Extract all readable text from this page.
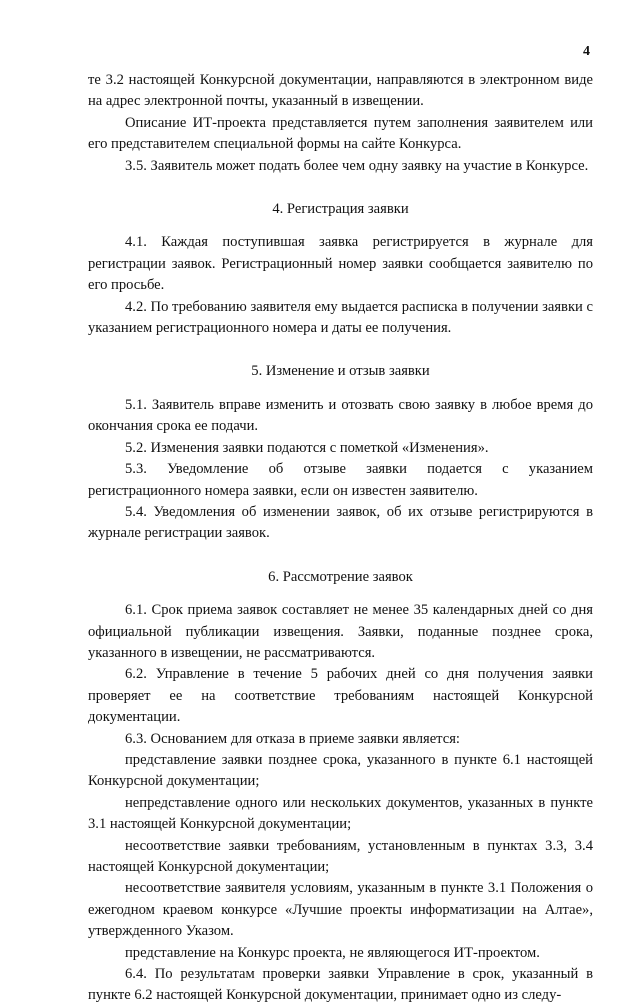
4

те 3.2 настоящей Конкурсной документации, направляются в электронном виде на адрес электронной почты, указанный в извещении.

Описание ИТ-проекта представляется путем заполнения заявителем или его представителем специальной формы на сайте Конкурса.

3.5. Заявитель может подать более чем одну заявку на участие в Конкурсе.

4. Регистрация заявки

4.1. Каждая поступившая заявка регистрируется в журнале для регистрации заявок. Регистрационный номер заявки сообщается заявителю по его просьбе.

4.2. По требованию заявителя ему выдается расписка в получении заявки с указанием регистрационного номера и даты ее получения.

5. Изменение и отзыв заявки

5.1. Заявитель вправе изменить и отозвать свою заявку в любое время до окончания срока ее подачи.

5.2. Изменения заявки подаются с пометкой «Изменения».

5.3. Уведомление об отзыве заявки подается с указанием регистрационного номера заявки, если он известен заявителю.

5.4. Уведомления об изменении заявок, об их отзыве регистрируются в журнале регистрации заявок.

6. Рассмотрение заявок

6.1. Срок приема заявок составляет не менее 35 календарных дней со дня официальной публикации извещения. Заявки, поданные позднее срока, указанного в извещении, не рассматриваются.

6.2. Управление в течение 5 рабочих дней со дня получения заявки проверяет ее на соответствие требованиям настоящей Конкурсной документации.

6.3. Основанием для отказа в приеме заявки является:

представление заявки позднее срока, указанного в пункте 6.1 настоящей Конкурсной документации;

непредставление одного или нескольких документов, указанных в пункте 3.1 настоящей Конкурсной документации;

несоответствие заявки требованиям, установленным в пунктах 3.3, 3.4 настоящей Конкурсной документации;

несоответствие заявителя условиям, указанным в пункте 3.1 Положения о ежегодном краевом конкурсе «Лучшие проекты информатизации на Алтае», утвержденного Указом.

представление на Конкурс проекта, не являющегося ИТ-проектом.

6.4. По результатам проверки заявки Управление в срок, указанный в пункте 6.2 настоящей Конкурсной документации, принимает одно из следу-
